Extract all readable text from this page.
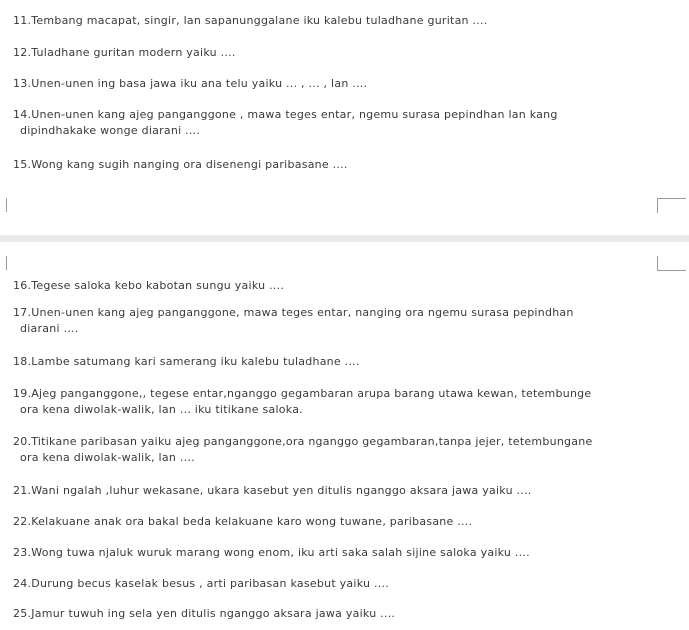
11.Tembang macapat, singir, lan sapanunggalane iku kalebu tuladhane guritan ....
12.Tuladhane guritan modern yaiku ....
13.Unen-unen ing basa jawa iku ana telu yaiku ... , ... , lan ....
14.Unen-unen kang ajeg panganggone , mawa teges entar, ngemu surasa pepindhan lan kang
dipindhakake wonge diarani ....
15.Wong kang sugih nanging ora disenengi paribasane ....
16.Tegese saloka kebo kabotan sungu yaiku ....
17.Unen-unen kang ajeg panganggone, mawa teges entar, nanging ora ngemu surasa pepindhan
diarani ....
18.Lambe satumang kari samerang iku kalebu tuladhane ....
19.Ajeg panganggone,, tegese entar,nganggo gegambaran arupa barang utawa kewan, tetembunge
ora kena diwolak-walik, lan ... iku titikane saloka.
20.Titikane paribasan yaiku ajeg panganggone,ora nganggo gegambaran,tanpa jejer, tetembungane
ora kena diwolak-walik, lan ....
21.Wani ngalah ,luhur wekasane, ukara kasebut yen ditulis nganggo aksara jawa yaiku ....
22.Kelakuane anak ora bakal beda kelakuane karo wong tuwane, paribasane ....
23.Wong tuwa njaluk wuruk marang wong enom, iku arti saka salah sijine saloka yaiku ....
24.Durung becus kaselak besus , arti paribasan kasebut yaiku ....
25.Jamur tuwuh ing sela yen ditulis nganggo aksara jawa yaiku ....
